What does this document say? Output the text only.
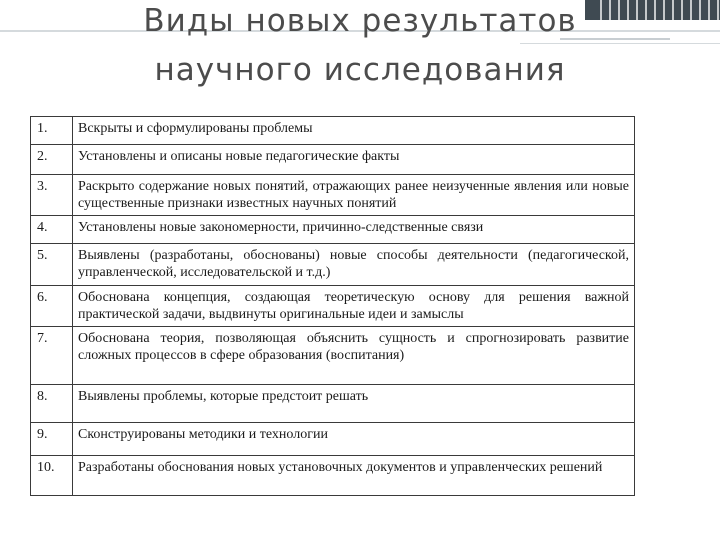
Виды новых результатов
научного исследования
1.	Вскрыты и сформулированы проблемы
2.	Установлены и описаны новые педагогические факты
3.	Раскрыто содержание новых понятий, отражающих ранее неизученные явления или новые существенные признаки известных научных понятий
4.	Установлены новые закономерности, причинно-следственные связи
5.	Выявлены (разработаны, обоснованы) новые способы деятельности (педагогической, управленческой, исследовательской и т.д.)
6.	Обоснована концепция, создающая теоретическую основу для решения важной практической задачи, выдвинуты оригинальные идеи и замыслы
7.	Обоснована теория, позволяющая объяснить сущность и спрогнозировать развитие сложных процессов в сфере образования (воспитания)
8.	Выявлены проблемы, которые предстоит решать
9.	Сконструированы методики и технологии
10.	Разработаны обоснования новых установочных документов и управленческих решений
